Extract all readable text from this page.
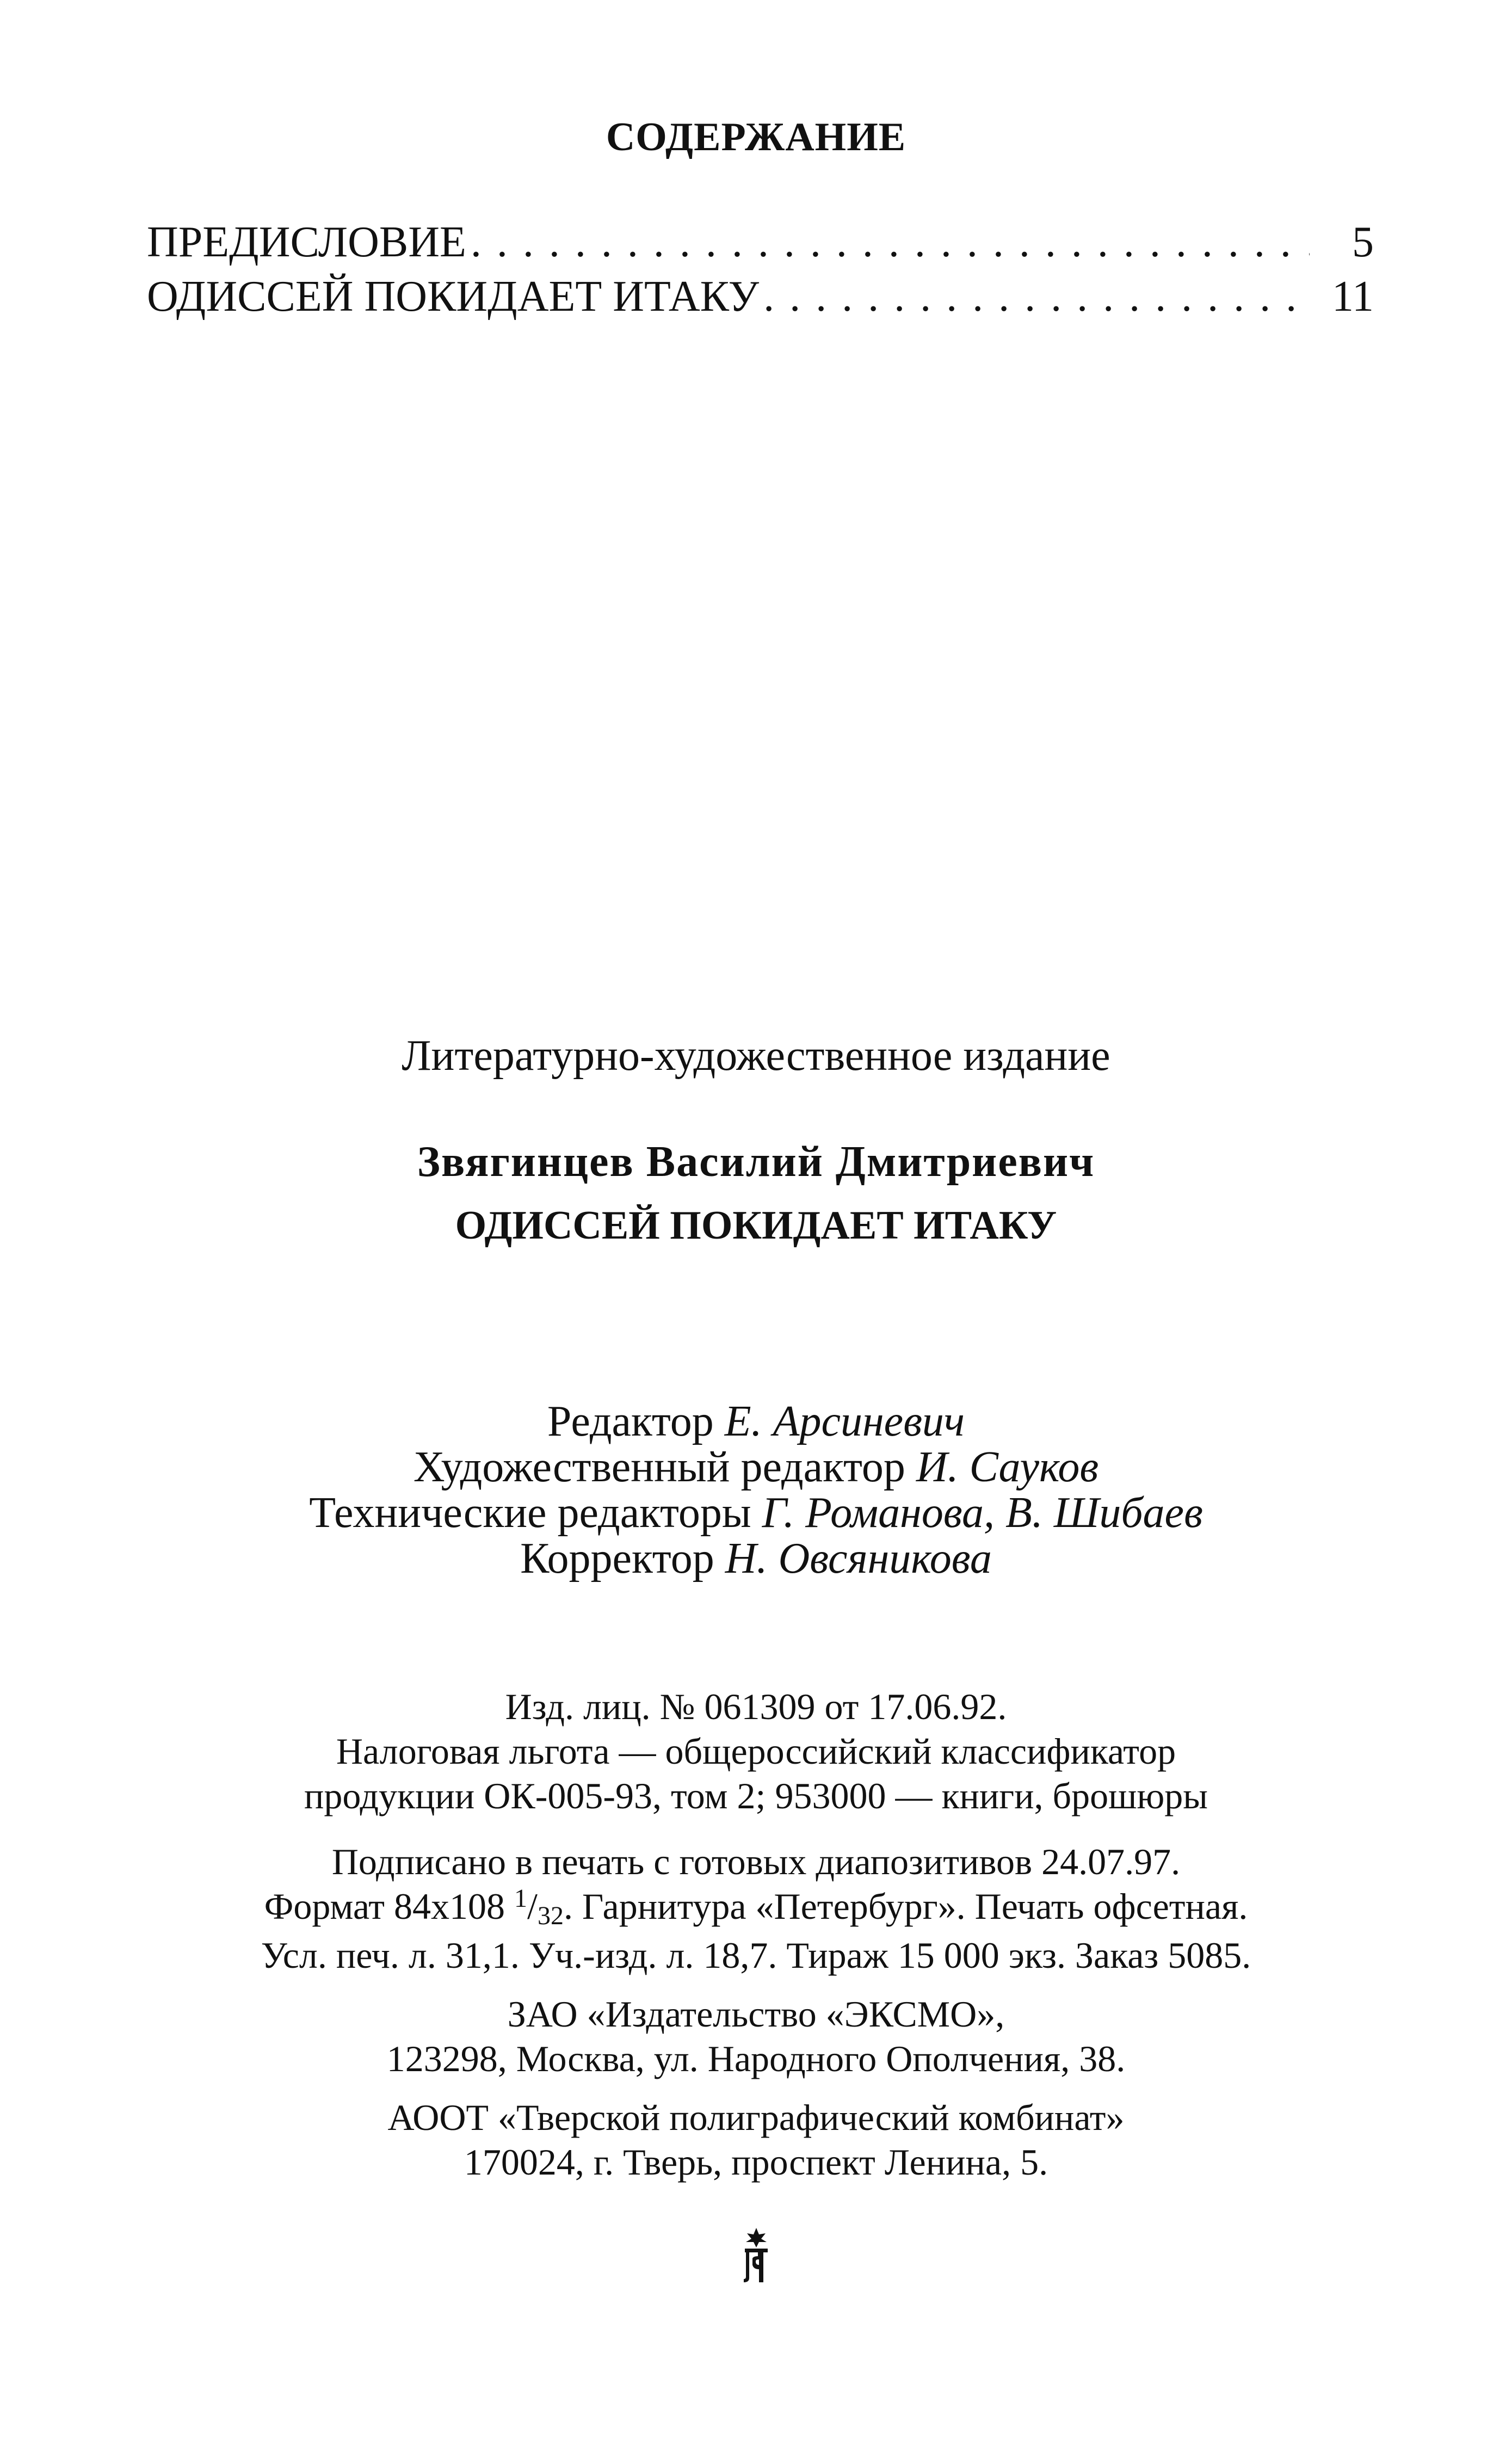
СОДЕРЖАНИЕ
ПРЕДИСЛОВИЕ . . .	5
ОДИССЕЙ ПОКИДАЕТ ИТАКУ . . .	11
Литературно-художественное издание
Звягинцев Василий Дмитриевич
ОДИССЕЙ ПОКИДАЕТ ИТАКУ
Редактор Е. Арсиневич
Художественный редактор И. Сауков
Технические редакторы Г. Романова, В. Шибаев
Корректор Н. Овсяникова
Изд. лиц. № 061309 от 17.06.92.
Налоговая льгота — общероссийский классификатор
продукции ОК-005-93, том 2; 953000 — книги, брошюры
Подписано в печать с готовых диапозитивов 24.07.97.
Формат 84х108 $^1$/32. Гарнитура «Петербург». Печать офсетная.
Усл. печ. л. 31,1. Уч.-изд. л. 18,7. Тираж 15 000 экз. Заказ 5085.
ЗАО «Издательство «ЭКСМО»,
123298, Москва, ул. Народного Ополчения, 38.
АООТ «Тверской полиграфический комбинат»
170024, г. Тверь, проспект Ленина, 5.
